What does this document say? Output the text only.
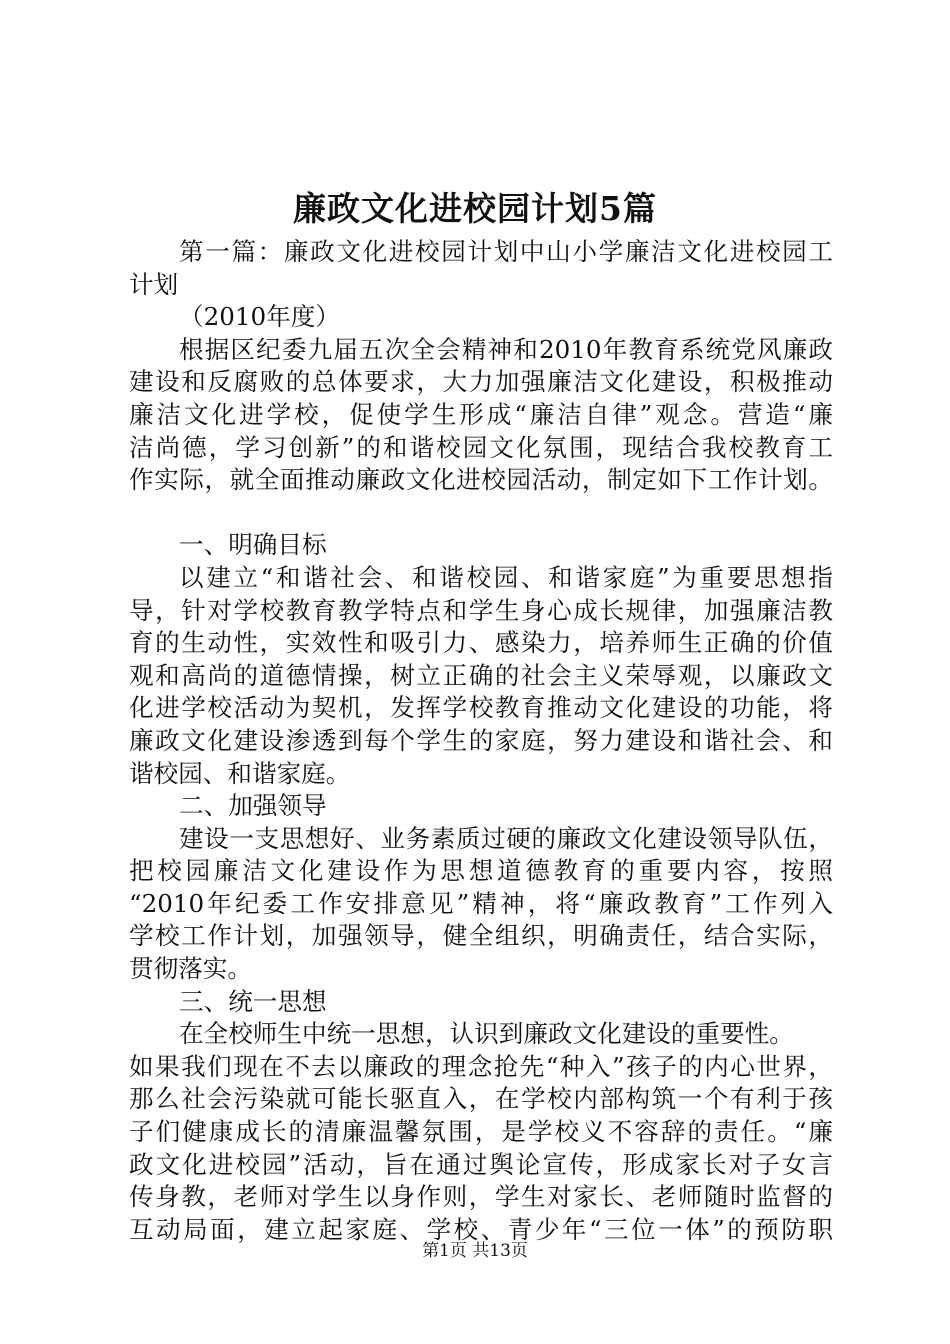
廉政文化进校园计划5篇
第一篇：廉政文化进校园计划中山小学廉洁文化进校园工
计划
（2010年度）
根据区纪委九届五次全会精神和2010年教育系统党风廉政
建设和反腐败的总体要求，大力加强廉洁文化建设，积极推动
廉洁文化进学校，促使学生形成“廉洁自律”观念。营造“廉
洁尚德，学习创新”的和谐校园文化氛围，现结合我校教育工
作实际，就全面推动廉政文化进校园活动，制定如下工作计划。
一、明确目标
以建立“和谐社会、和谐校园、和谐家庭”为重要思想指
导，针对学校教育教学特点和学生身心成长规律，加强廉洁教
育的生动性，实效性和吸引力、感染力，培养师生正确的价值
观和高尚的道德情操，树立正确的社会主义荣辱观，以廉政文
化进学校活动为契机，发挥学校教育推动文化建设的功能，将
廉政文化建设渗透到每个学生的家庭，努力建设和谐社会、和
谐校园、和谐家庭。
二、加强领导
建设一支思想好、业务素质过硬的廉政文化建设领导队伍，
把校园廉洁文化建设作为思想道德教育的重要内容，按照
“2010年纪委工作安排意见”精神，将“廉政教育”工作列入
学校工作计划，加强领导，健全组织，明确责任，结合实际，
贯彻落实。
三、统一思想
在全校师生中统一思想，认识到廉政文化建设的重要性。
如果我们现在不去以廉政的理念抢先“种入”孩子的内心世界，
那么社会污染就可能长驱直入，在学校内部构筑一个有利于孩
子们健康成长的清廉温馨氛围，是学校义不容辞的责任。“廉
政文化进校园”活动，旨在通过舆论宣传，形成家长对子女言
传身教，老师对学生以身作则，学生对家长、老师随时监督的
互动局面，建立起家庭、学校、青少年“三位一体”的预防职
第1页 共13页
